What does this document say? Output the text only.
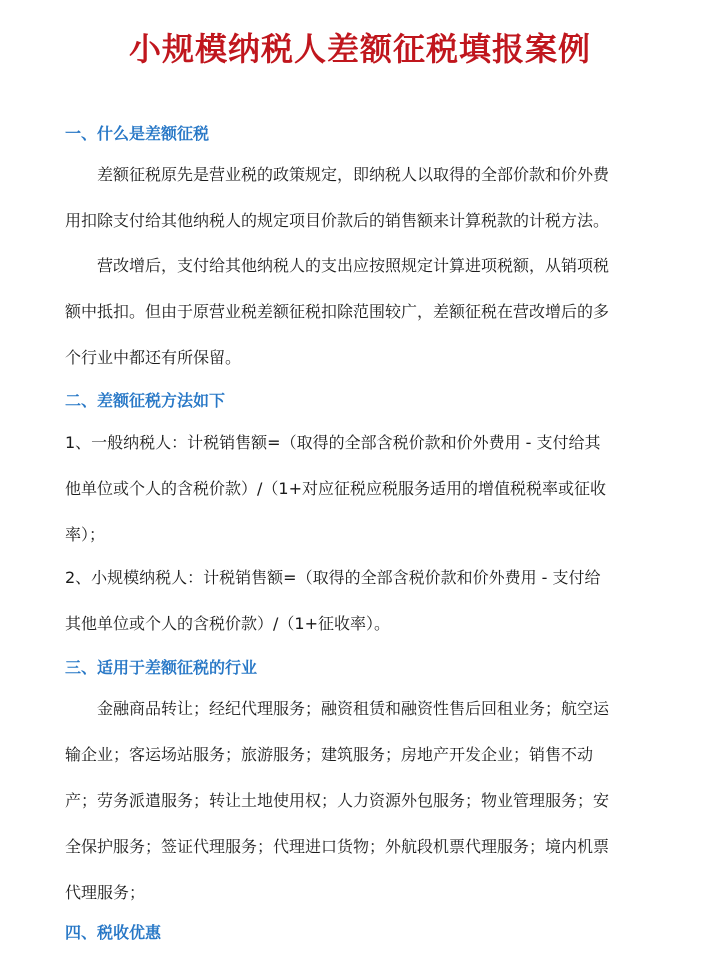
小规模纳税人差额征税填报案例
一、什么是差额征税
差额征税原先是营业税的政策规定，即纳税人以取得的全部价款和价外费
用扣除支付给其他纳税人的规定项目价款后的销售额来计算税款的计税方法。
营改增后，支付给其他纳税人的支出应按照规定计算进项税额，从销项税
额中抵扣。但由于原营业税差额征税扣除范围较广，差额征税在营改增后的多
个行业中都还有所保留。
二、差额征税方法如下
1、一般纳税人：计税销售额=（取得的全部含税价款和价外费用 - 支付给其
他单位或个人的含税价款）/（1+对应征税应税服务适用的增值税税率或征收
率）；
2、小规模纳税人：计税销售额=（取得的全部含税价款和价外费用 - 支付给
其他单位或个人的含税价款）/（1+征收率）。
三、适用于差额征税的行业
金融商品转让；经纪代理服务；融资租赁和融资性售后回租业务；航空运
输企业；客运场站服务；旅游服务；建筑服务；房地产开发企业；销售不动
产；劳务派遣服务；转让土地使用权；人力资源外包服务；物业管理服务；安
全保护服务；签证代理服务；代理进口货物；外航段机票代理服务；境内机票
代理服务；
四、税收优惠
